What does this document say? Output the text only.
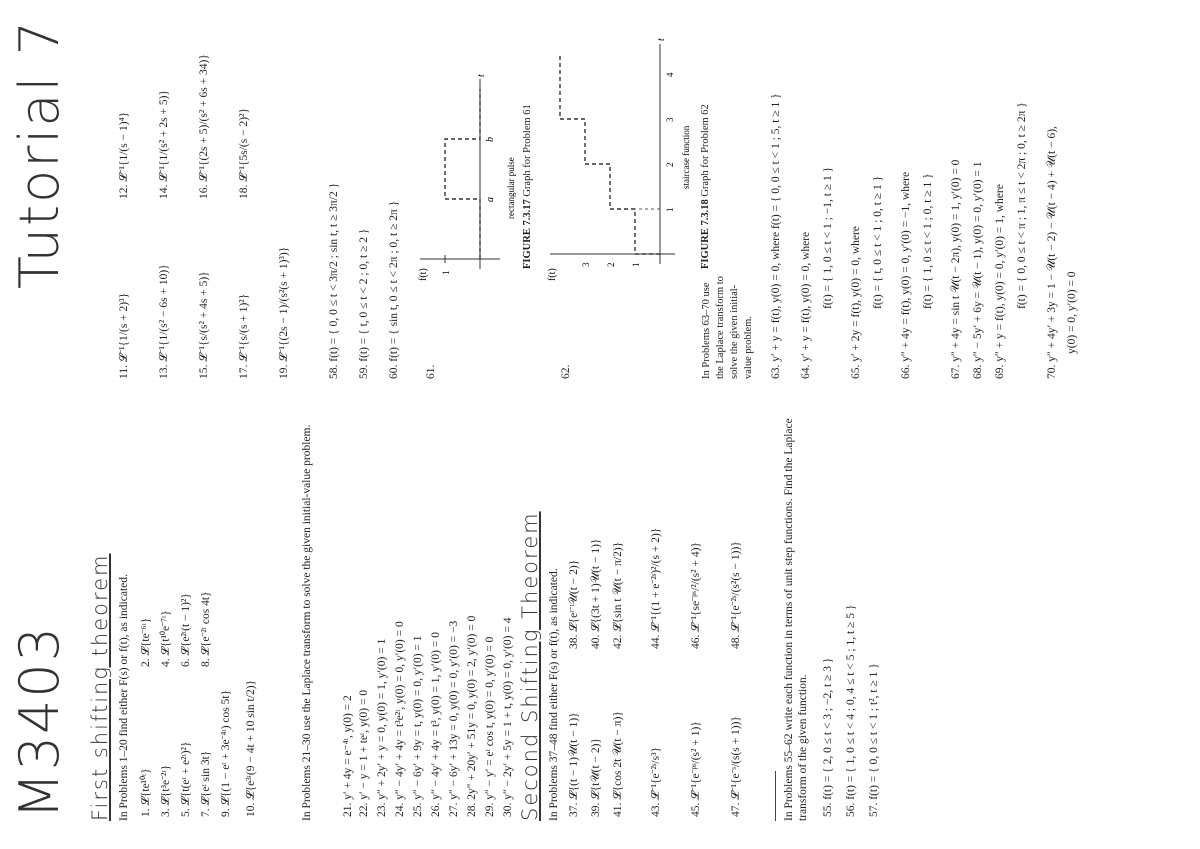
M3403
Tutorial 7
First shifting theorem In Problems 1–20 find either F(s) or f(t), as indicated. 1. 𝓛{te¹⁰ᵗ}
2. 𝓛{te⁻⁶ᵗ}
3. 𝓛{t³e⁻²ᵗ}
4. 𝓛{t¹⁰e⁻⁷ᵗ}
5. 𝓛{t(eᵗ + e²ᵗ)²}
6. 𝓛{e²ᵗ(t − 1)²}
7. 𝓛{eᵗ sin 3t}
8. 𝓛{e⁻²ᵗ cos 4t}
9. 𝓛{(1 − eᵗ + 3e⁻⁴ᵗ) cos 5t} 10. 𝓛{e³ᵗ(9 − 4t + 10 sin t/2)}
11. 𝓛⁻¹{1/(s + 2)³}
12. 𝓛⁻¹{1/(s − 1)⁴}
13. 𝓛⁻¹{1/(s² − 6s + 10)}
14. 𝓛⁻¹{1/(s² + 2s + 5)}
15. 𝓛⁻¹{s/(s² + 4s + 5)}
16. 𝓛⁻¹{(2s + 5)/(s² + 6s + 34)}
17. 𝓛⁻¹{s/(s + 1)²}
18. 𝓛⁻¹{5s/(s − 2)²}
19. 𝓛⁻¹{(2s − 1)/(s²(s + 1)³)}
In Problems 21–30 use the Laplace transform to solve the given initial-value problem.	21. y′ + 4y = e⁻⁴ᵗ, y(0) = 2 22. y′ − y = 1 + teᵗ, y(0) = 0 23. y″ + 2y′ + y = 0, y(0) = 1, y′(0) = 1 24. y″ − 4y′ + 4y = t³e²ᵗ, y(0) = 0, y′(0) = 0 25. y″ − 6y′ + 9y = t, y(0) = 0, y′(0) = 1 26. y″ − 4y′ + 4y = t³, y(0) = 1, y′(0) = 0 27. y″ − 6y′ + 13y = 0, y(0) = 0, y′(0) = −3 28. 2y″ + 20y′ + 51y = 0, y(0) = 2, y′(0) = 0 29. y″ − y′ = eᵗ cos t, y(0) = 0, y′(0) = 0 30. y″ − 2y′ + 5y = 1 + t, y(0) = 0, y′(0) = 4 Second Shifting Theorem In Problems 37–48 find either F(s) or f(t), as indicated. 37. 𝓛{(t − 1)𝒰(t − 1)}
38. 𝓛{eᵗ⁻ᵗ𝒰(t − 2)}
39. 𝓛{t𝒰(t − 2)}
40. 𝓛{(3t + 1)𝒰(t − 1)}
41. 𝓛{cos 2t 𝒰(t − π)}
42. 𝓛{sin t 𝒰(t − π/2)}
43. 𝓛⁻¹{e⁻²ˢ/s³}
44. 𝓛⁻¹{(1 + e⁻²ˢ)²/(s + 2)}
45. 𝓛⁻¹{e⁻ᵖˢ/(s² + 1)}
46. 𝓛⁻¹{se⁻ᵖˢ/²/(s² + 4)}
47. 𝓛⁻¹{e⁻ˢ/(s(s + 1))}
48. 𝓛⁻¹{e⁻²ˢ/(s²(s − 1))}	In Problems 55–62 write each function in terms of unit step functions. Find the Laplace transform of the given function. 55. f(t) = { 2, 0 ≤ t < 3 ; −2, t ≥ 3 } 56. f(t) = { 1, 0 ≤ t < 4 ; 0, 4 ≤ t < 5 ; 1, t ≥ 5 } 57. f(t) = { 0, 0 ≤ t < 1 ; t², t ≥ 1 }
58. f(t) = { 0, 0 ≤ t < 3π/2 ; sin t, t ≥ 3π/2 } 59. f(t) = { t, 0 ≤ t < 2 ; 0, t ≥ 2 } 60. f(t) = { sin t, 0 ≤ t < 2π ; 0, t ≥ 2π } 61.
f(t) 1
a
b
t
rectangular pulse
FIGURE 7.3.17 Graph for Problem 61
62.
f(t)
3 2 1
1
2
3
4
t
staircase function
FIGURE 7.3.18 Graph for Problem 62
In Problems 63–70 use the Laplace transform to solve the given initial-value problem. 63. y′ + y = f(t), y(0) = 0, where f(t) = { 0, 0 ≤ t < 1 ; 5, t ≥ 1 } 64. y′ + y = f(t), y(0) = 0, where f(t) = { 1, 0 ≤ t < 1 ; −1, t ≥ 1 } 65. y′ + 2y = f(t), y(0) = 0, where f(t) = { t, 0 ≤ t < 1 ; 0, t ≥ 1 } 66. y″ + 4y = f(t), y(0) = 0, y′(0) = −1, where f(t) = { 1, 0 ≤ t < 1 ; 0, t ≥ 1 } 67. y″ + 4y = sin t 𝒰(t − 2π), y(0) = 1, y′(0) = 0 68. y″ − 5y′ + 6y = 𝒰(t − 1), y(0) = 0, y′(0) = 1 69. y″ + y = f(t), y(0) = 0, y′(0) = 1, where f(t) = { 0, 0 ≤ t < π ; 1, π ≤ t < 2π ; 0, t ≥ 2π } 70. y″ + 4y′ + 3y = 1 − 𝒰(t − 2) − 𝒰(t − 4) + 𝒰(t − 6), y(0) = 0, y′(0) = 0
